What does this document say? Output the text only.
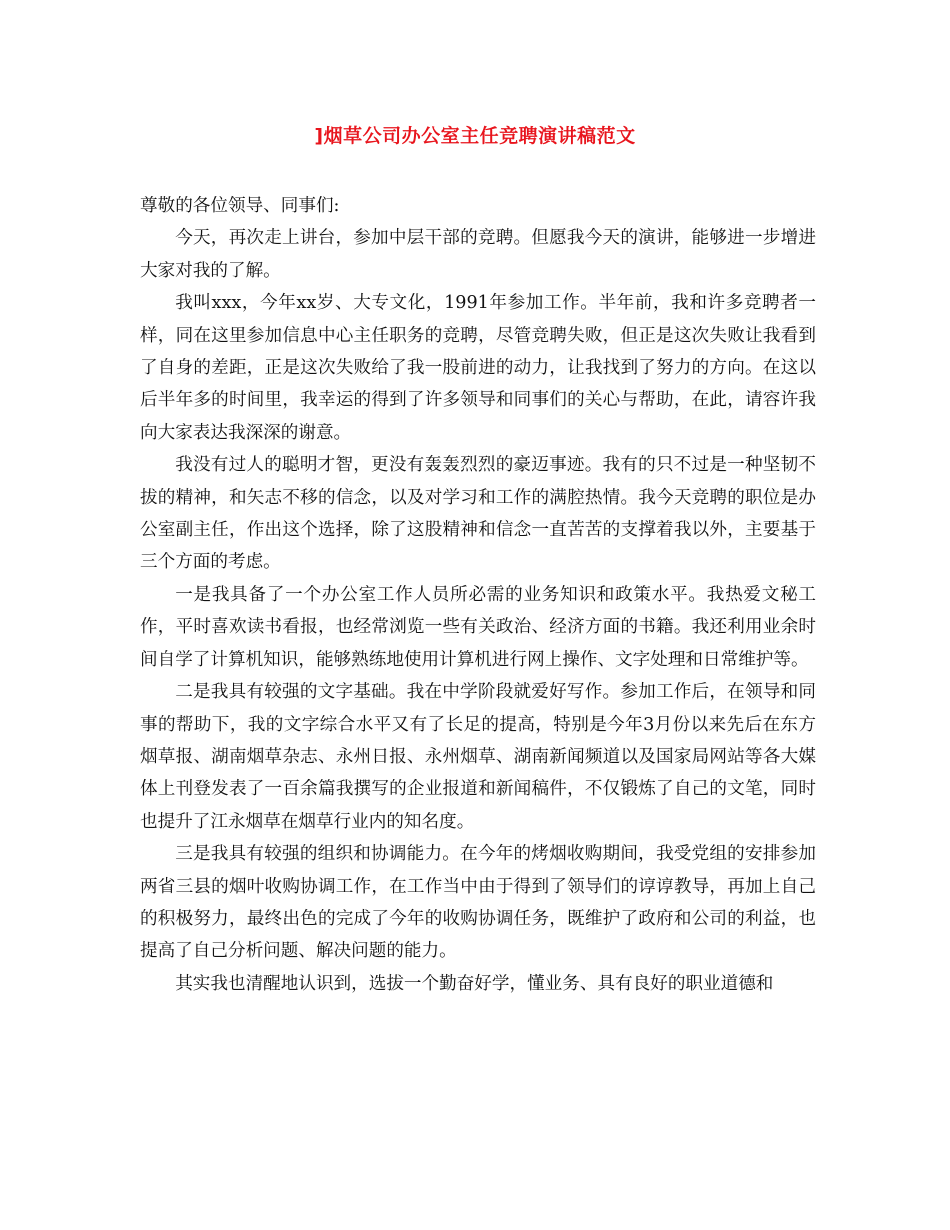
]烟草公司办公室主任竞聘演讲稿范文

尊敬的各位领导、同事们:

今天，再次走上讲台，参加中层干部的竞聘。但愿我今天的演讲，能够进一步增进大家对我的了解。

我叫xxx，今年xx岁、大专文化，1991年参加工作。半年前，我和许多竞聘者一样，同在这里参加信息中心主任职务的竞聘，尽管竞聘失败，但正是这次失败让我看到了自身的差距，正是这次失败给了我一股前进的动力，让我找到了努力的方向。在这以后半年多的时间里，我幸运的得到了许多领导和同事们的关心与帮助，在此，请容许我向大家表达我深深的谢意。

我没有过人的聪明才智，更没有轰轰烈烈的豪迈事迹。我有的只不过是一种坚韧不拔的精神，和矢志不移的信念，以及对学习和工作的满腔热情。我今天竞聘的职位是办公室副主任，作出这个选择，除了这股精神和信念一直苦苦的支撑着我以外，主要基于三个方面的考虑。

一是我具备了一个办公室工作人员所必需的业务知识和政策水平。我热爱文秘工作，平时喜欢读书看报，也经常浏览一些有关政治、经济方面的书籍。我还利用业余时间自学了计算机知识，能够熟练地使用计算机进行网上操作、文字处理和日常维护等。

二是我具有较强的文字基础。我在中学阶段就爱好写作。参加工作后，在领导和同事的帮助下，我的文字综合水平又有了长足的提高，特别是今年3月份以来先后在东方烟草报、湖南烟草杂志、永州日报、永州烟草、湖南新闻频道以及国家局网站等各大媒体上刊登发表了一百余篇我撰写的企业报道和新闻稿件，不仅锻炼了自己的文笔，同时也提升了江永烟草在烟草行业内的知名度。

三是我具有较强的组织和协调能力。在今年的烤烟收购期间，我受党组的安排参加两省三县的烟叶收购协调工作，在工作当中由于得到了领导们的谆谆教导，再加上自己的积极努力，最终出色的完成了今年的收购协调任务，既维护了政府和公司的利益，也提高了自己分析问题、解决问题的能力。

其实我也清醒地认识到，选拔一个勤奋好学，懂业务、具有良好的职业道德和
